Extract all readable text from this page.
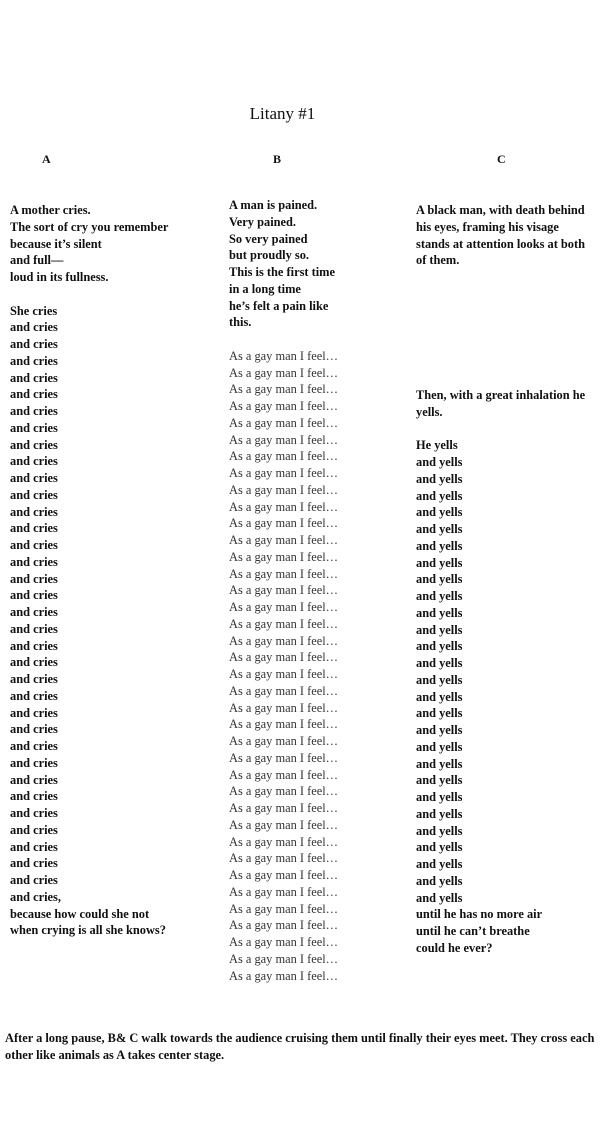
Litany #1
A	B	C
A mother cries.
The sort of cry you remember
because it’s silent
and full—
loud in its fullness.
She cries
and cries
and cries
and cries
and cries
and cries
and cries
and cries
and cries
and cries
and cries
and cries
and cries
and cries
and cries
and cries
and cries
and cries
and cries
and cries
and cries
and cries
and cries
and cries
and cries
and cries
and cries
and cries
and cries
and cries
and cries
and cries
and cries
and cries
and cries
and cries,
because how could she not
when crying is all she knows?
A man is pained.
Very pained.
So very pained
but proudly so.
This is the first time
in a long time
he’s felt a pain like
this.
As a gay man I feel…
As a gay man I feel…
As a gay man I feel…
As a gay man I feel…
As a gay man I feel…
As a gay man I feel…
As a gay man I feel…
As a gay man I feel…
As a gay man I feel…
As a gay man I feel…
As a gay man I feel…
As a gay man I feel…
As a gay man I feel…
As a gay man I feel…
As a gay man I feel…
As a gay man I feel…
As a gay man I feel…
As a gay man I feel…
As a gay man I feel…
As a gay man I feel…
As a gay man I feel…
As a gay man I feel…
As a gay man I feel…
As a gay man I feel…
As a gay man I feel…
As a gay man I feel…
As a gay man I feel…
As a gay man I feel…
As a gay man I feel…
As a gay man I feel…
As a gay man I feel…
As a gay man I feel…
As a gay man I feel…
As a gay man I feel…
As a gay man I feel…
As a gay man I feel…
As a gay man I feel…
As a gay man I feel…
A black man, with death behind
his eyes, framing his visage
stands at attention looks at both
of them.
Then, with a great inhalation he
yells.
He yells
and yells
and yells
and yells
and yells
and yells
and yells
and yells
and yells
and yells
and yells
and yells
and yells
and yells
and yells
and yells
and yells
and yells
and yells
and yells
and yells
and yells
and yells
and yells
and yells
and yells
and yells
and yells
until he has no more air
until he can’t breathe
could he ever?
After a long pause, B& C walk towards the audience cruising them until finally their eyes meet. They cross each other like animals as A takes center stage.
